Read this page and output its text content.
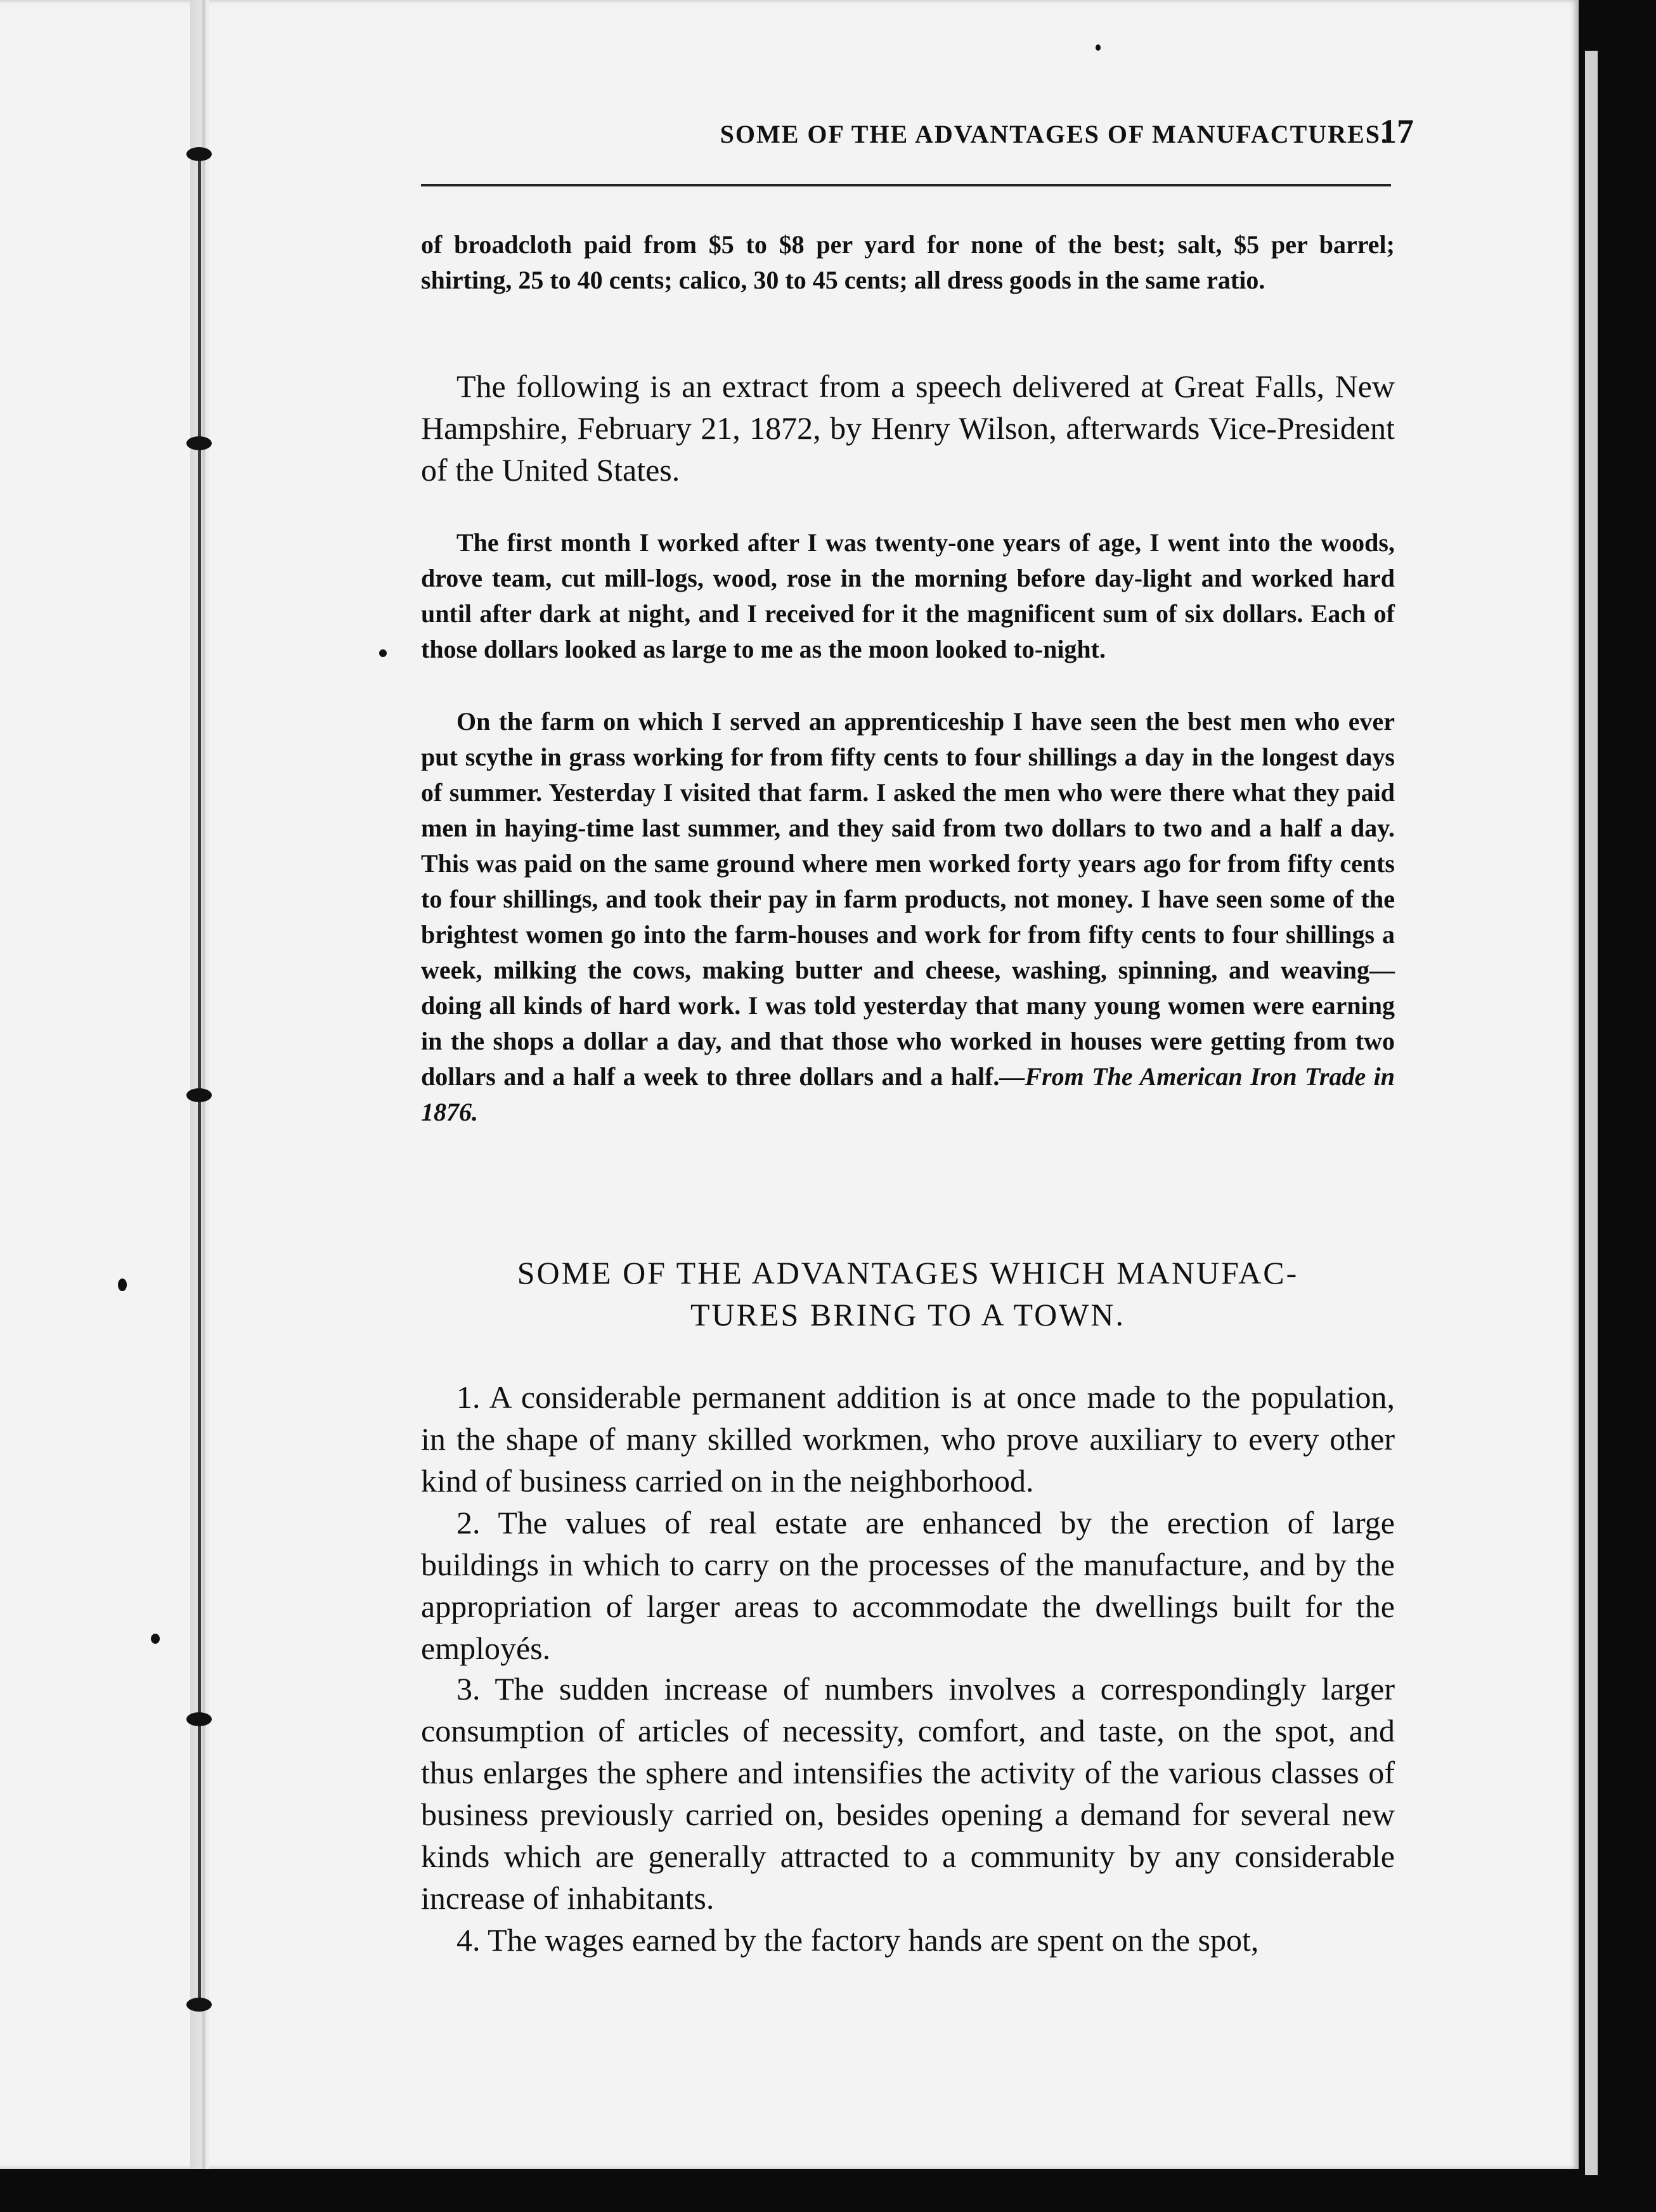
SOME OF THE ADVANTAGES OF MANUFACTURES.
17

of broadcloth paid from $5 to $8 per yard for none of the best; salt, $5 per barrel; shirting, 25 to 40 cents; calico, 30 to 45 cents; all dress goods in the same ratio.

The following is an extract from a speech delivered at Great Falls, New Hampshire, February 21, 1872, by Henry Wilson, afterwards Vice-President of the United States.

The first month I worked after I was twenty-one years of age, I went into the woods, drove team, cut mill-logs, wood, rose in the morning before day-light and worked hard until after dark at night, and I received for it the magnificent sum of six dollars. Each of those dollars looked as large to me as the moon looked to-night.

On the farm on which I served an apprenticeship I have seen the best men who ever put scythe in grass working for from fifty cents to four shillings a day in the longest days of summer. Yesterday I visited that farm. I asked the men who were there what they paid men in haying-time last summer, and they said from two dollars to two and a half a day. This was paid on the same ground where men worked forty years ago for from fifty cents to four shillings, and took their pay in farm products, not money. I have seen some of the brightest women go into the farm-houses and work for from fifty cents to four shillings a week, milking the cows, making butter and cheese, washing, spinning, and weaving—doing all kinds of hard work. I was told yesterday that many young women were earning in the shops a dollar a day, and that those who worked in houses were getting from two dollars and a half a week to three dollars and a half.—From The American Iron Trade in 1876.

SOME OF THE ADVANTAGES WHICH MANUFAC-
TURES BRING TO A TOWN.

1. A considerable permanent addition is at once made to the population, in the shape of many skilled workmen, who prove auxiliary to every other kind of business carried on in the neighborhood.

2. The values of real estate are enhanced by the erection of large buildings in which to carry on the processes of the manufacture, and by the appropriation of larger areas to accommodate the dwellings built for the employés.

3. The sudden increase of numbers involves a correspondingly larger consumption of articles of necessity, comfort, and taste, on the spot, and thus enlarges the sphere and intensifies the activity of the various classes of business previously carried on, besides opening a demand for several new kinds which are generally attracted to a community by any considerable increase of inhabitants.

4. The wages earned by the factory hands are spent on the spot,
